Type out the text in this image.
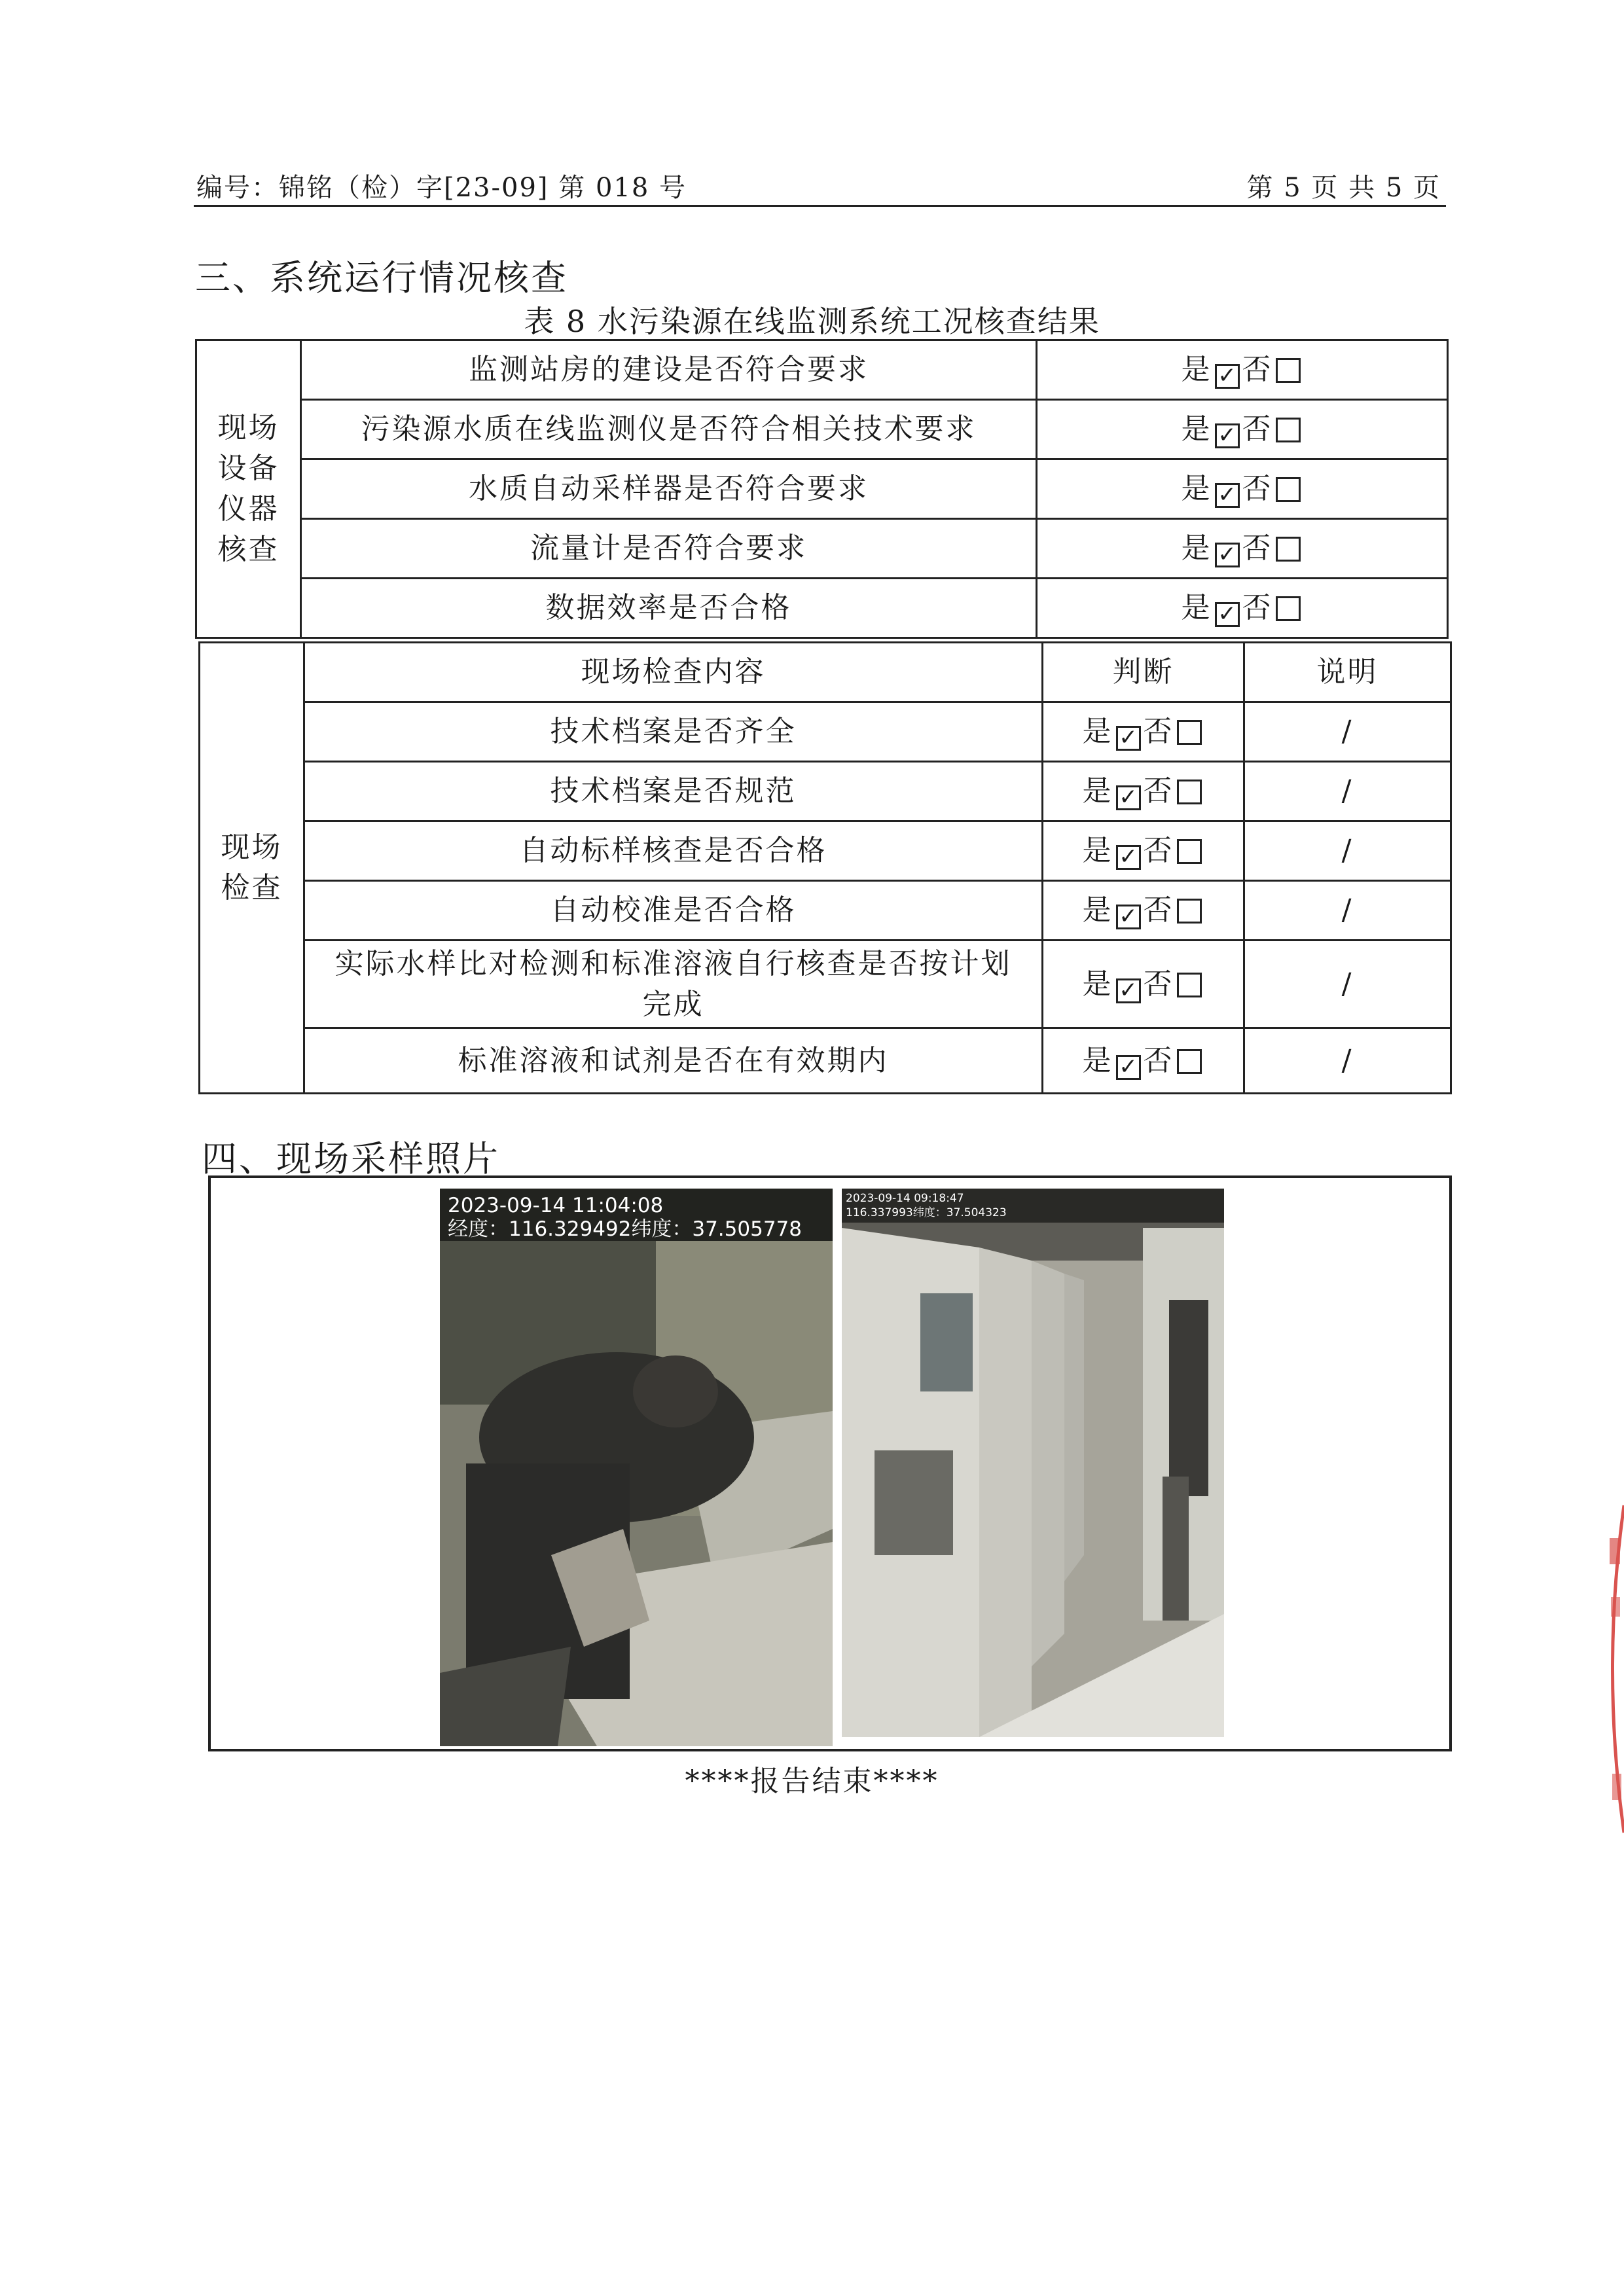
编号：锦铭（检）字[23-09] 第 018 号	第 5 页 共 5 页
三、系统运行情况核查
表 8 水污染源在线监测系统工况核查结果
现场设备仪器核查	监测站房的建设是否符合要求	是 ✓ 否
	污染源水质在线监测仪是否符合相关技术要求	是 ✓ 否
	水质自动采样器是否符合要求	是 ✓ 否
	流量计是否符合要求	是 ✓ 否
	数据效率是否合格	是 ✓ 否
现场检查	现场检查内容	判断	说明
	技术档案是否齐全	是 ✓ 否	/
	技术档案是否规范	是 ✓ 否	/
	自动标样核查是否合格	是 ✓ 否	/
	自动校准是否合格	是 ✓ 否	/
	实际水样比对检测和标准溶液自行核查是否按计划完成	是 ✓ 否	/
	标准溶液和试剂是否在有效期内	是 ✓ 否	/
四、现场采样照片
2023-09-14 11:04:08
经度：116.329492纬度：37.505778
2023-09-14 09:18:47
116.337993纬度：37.504323
****报告结束****
